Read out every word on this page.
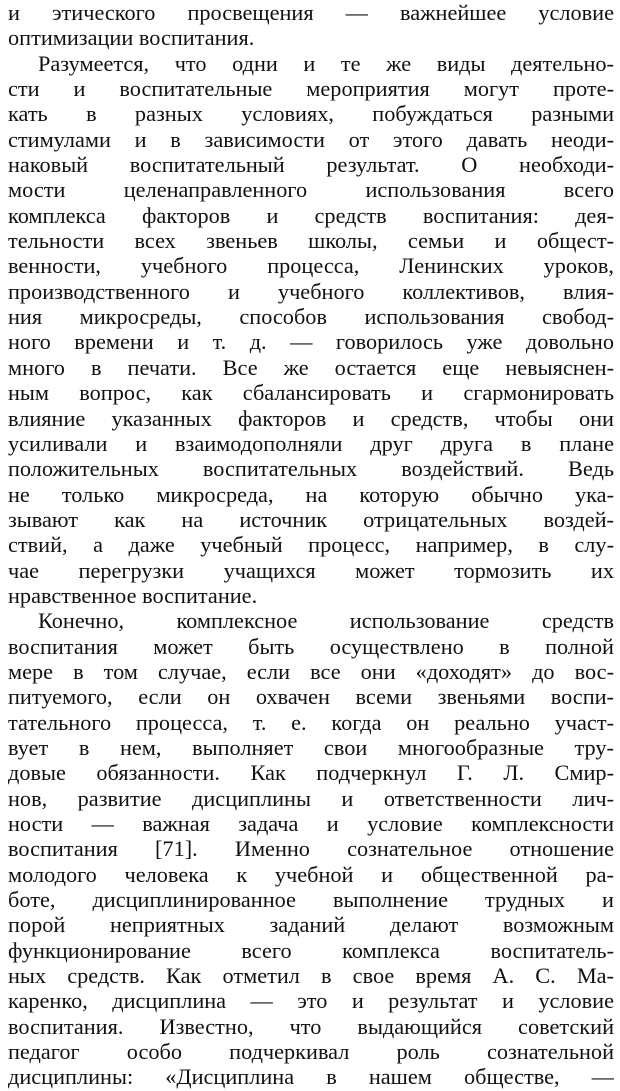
и этического просвещения — важнейшее условие
оптимизации воспитания.
Разумеется, что одни и те же виды деятельно-
сти и воспитательные мероприятия могут проте-
кать в разных условиях, побуждаться разными
стимулами и в зависимости от этого давать неоди-
наковый воспитательный результат. О необходи-
мости целенаправленного использования всего
комплекса факторов и средств воспитания: дея-
тельности всех звеньев школы, семьи и общест-
венности, учебного процесса, Ленинских уроков,
производственного и учебного коллективов, влия-
ния микросреды, способов использования свобод-
ного времени и т. д. — говорилось уже довольно
много в печати. Все же остается еще невыяснен-
ным вопрос, как сбалансировать и сгармонировать
влияние указанных факторов и средств, чтобы они
усиливали и взаимодополняли друг друга в плане
положительных воспитательных воздействий. Ведь
не только микросреда, на которую обычно ука-
зывают как на источник отрицательных воздей-
ствий, а даже учебный процесс, например, в слу-
чае перегрузки учащихся может тормозить их
нравственное воспитание.
Конечно, комплексное использование средств
воспитания может быть осуществлено в полной
мере в том случае, если все они «доходят» до вос-
питуемого, если он охвачен всеми звеньями воспи-
тательного процесса, т. е. когда он реально участ-
вует в нем, выполняет свои многообразные тру-
довые обязанности. Как подчеркнул Г. Л. Смир-
нов, развитие дисциплины и ответственности лич-
ности — важная задача и условие комплексности
воспитания [71]. Именно сознательное отношение
молодого человека к учебной и общественной ра-
боте, дисциплинированное выполнение трудных и
порой неприятных заданий делают возможным
функционирование всего комплекса воспитатель-
ных средств. Как отметил в свое время А. С. Ма-
каренко, дисциплина — это и результат и условие
воспитания. Известно, что выдающийся советский
педагог особо подчеркивал роль сознательной
дисциплины: «Дисциплина в нашем обществе, —
